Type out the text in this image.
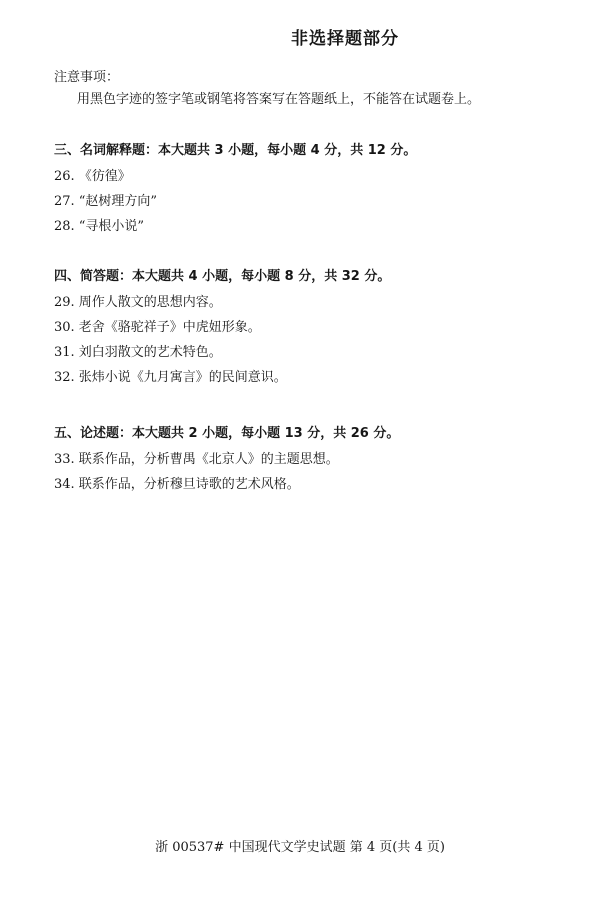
非选择题部分
注意事项：
用黑色字迹的签字笔或钢笔将答案写在答题纸上，不能答在试题卷上。
三、名词解释题：本大题共 3 小题，每小题 4 分，共 12 分。
26. 《彷徨》
27. “赵树理方向”
28. “寻根小说”
四、简答题：本大题共 4 小题，每小题 8 分，共 32 分。
29. 周作人散文的思想内容。
30. 老舍《骆驼祥子》中虎妞形象。
31. 刘白羽散文的艺术特色。
32. 张炜小说《九月寓言》的民间意识。
五、论述题：本大题共 2 小题，每小题 13 分，共 26 分。
33. 联系作品，分析曹禺《北京人》的主题思想。
34. 联系作品，分析穆旦诗歌的艺术风格。
浙 00537# 中国现代文学史试题 第 4 页(共 4 页)
